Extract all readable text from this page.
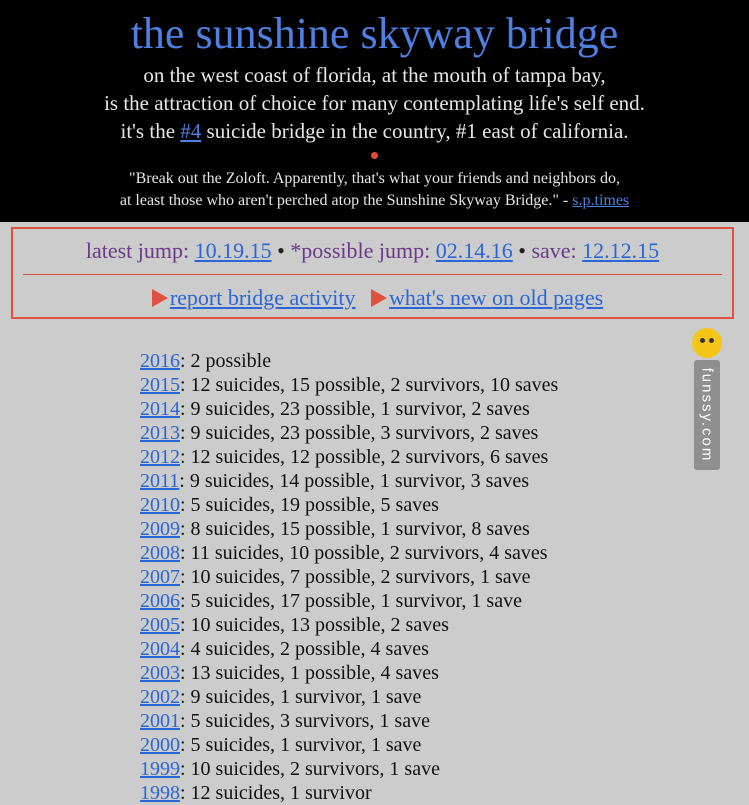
the sunshine skyway bridge
on the west coast of florida, at the mouth of tampa bay,
is the attraction of choice for many contemplating life's self end.
it's the #4 suicide bridge in the country, #1 east of california.
"Break out the Zoloft. Apparently, that's what your friends and neighbors do,
at least those who aren't perched atop the Sunshine Skyway Bridge." - s.p.times
latest jump: 10.19.15 • *possible jump: 02.14.16 • save: 12.12.15
report bridge activity what's new on old pages
2016: 2 possible
2015: 12 suicides, 15 possible, 2 survivors, 10 saves
2014: 9 suicides, 23 possible, 1 survivor, 2 saves
2013: 9 suicides, 23 possible, 3 survivors, 2 saves
2012: 12 suicides, 12 possible, 2 survivors, 6 saves
2011: 9 suicides, 14 possible, 1 survivor, 3 saves
2010: 5 suicides, 19 possible, 5 saves
2009: 8 suicides, 15 possible, 1 survivor, 8 saves
2008: 11 suicides, 10 possible, 2 survivors, 4 saves
2007: 10 suicides, 7 possible, 2 survivors, 1 save
2006: 5 suicides, 17 possible, 1 survivor, 1 save
2005: 10 suicides, 13 possible, 2 saves
2004: 4 suicides, 2 possible, 4 saves
2003: 13 suicides, 1 possible, 4 saves
2002: 9 suicides, 1 survivor, 1 save
2001: 5 suicides, 3 survivors, 1 save
2000: 5 suicides, 1 survivor, 1 save
1999: 10 suicides, 2 survivors, 1 save
1998: 12 suicides, 1 survivor
funssy.com
